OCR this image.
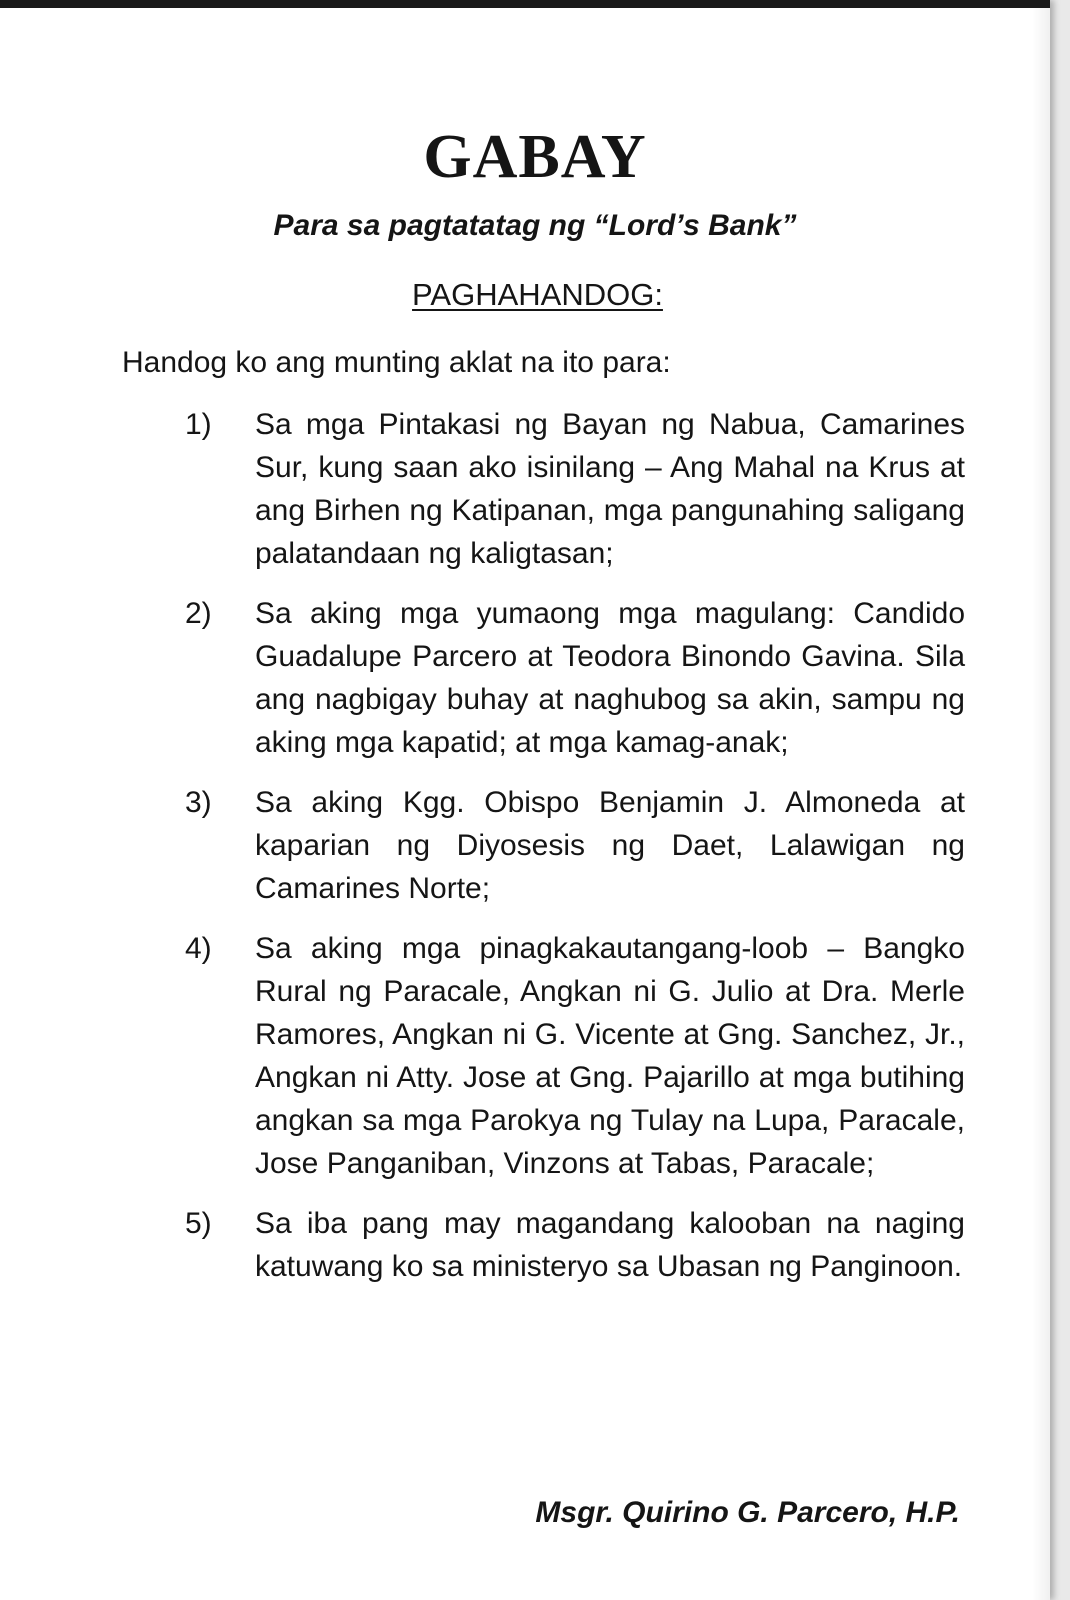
GABAY

Para sa pagtatatag ng “Lord’s Bank”

PAGHAHANDOG:

Handog ko ang munting aklat na ito para:

1)	Sa mga Pintakasi ng Bayan ng Nabua, Camarines Sur, kung saan ako isinilang – Ang Mahal na Krus at ang Birhen ng Katipanan, mga pangunahing saligang palatandaan ng kaligtasan;
2)	Sa aking mga yumaong mga magulang: Candido Guadalupe Parcero at Teodora Binondo Gavina. Sila ang nagbigay buhay at naghubog sa akin, sampu ng aking mga kapatid; at mga kamag-anak;
3)	Sa aking Kgg. Obispo Benjamin J. Almoneda at kaparian ng Diyosesis ng Daet, Lalawigan ng Camarines Norte;
4)	Sa aking mga pinagkakautangang-loob – Bangko Rural ng Paracale, Angkan ni G. Julio at Dra. Merle Ramores, Angkan ni G. Vicente at Gng. Sanchez, Jr., Angkan ni Atty. Jose at Gng. Pajarillo at mga butihing angkan sa mga Parokya ng Tulay na Lupa, Paracale, Jose Panganiban, Vinzons at Tabas, Paracale;
5)	Sa iba pang may magandang kalooban na naging katuwang ko sa ministeryo sa Ubasan ng Panginoon.

Msgr. Quirino G. Parcero, H.P.
